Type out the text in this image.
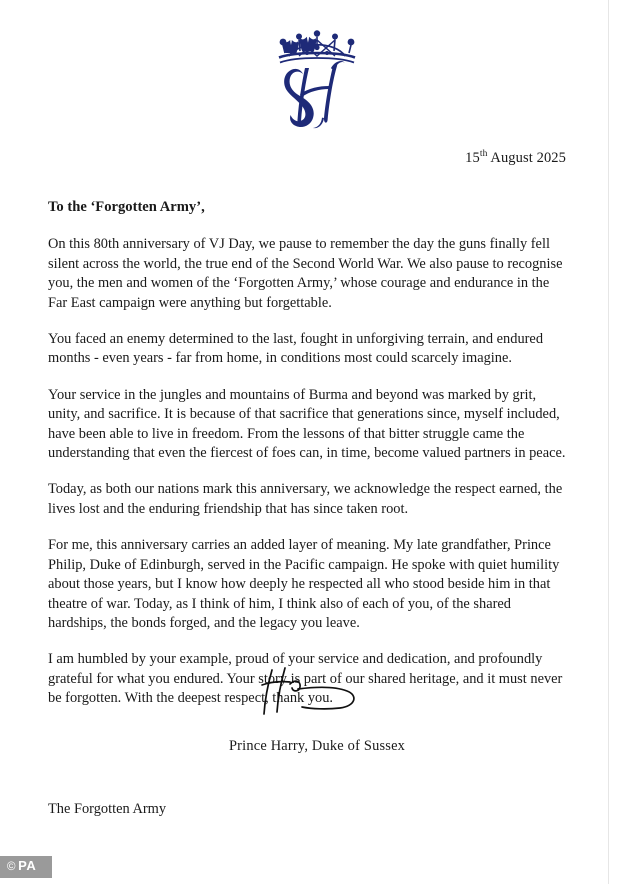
15th August 2025

To the ‘Forgotten Army’,

On this 80th anniversary of VJ Day, we pause to remember the day the guns finally fell silent across the world, the true end of the Second World War. We also pause to recognise you, the men and women of the ‘Forgotten Army,’ whose courage and endurance in the Far East campaign were anything but forgettable.

You faced an enemy determined to the last, fought in unforgiving terrain, and endured months - even years - far from home, in conditions most could scarcely imagine.

Your service in the jungles and mountains of Burma and beyond was marked by grit, unity, and sacrifice. It is because of that sacrifice that generations since, myself included, have been able to live in freedom. From the lessons of that bitter struggle came the understanding that even the fiercest of foes can, in time, become valued partners in peace.

Today, as both our nations mark this anniversary, we acknowledge the respect earned, the lives lost and the enduring friendship that has since taken root.

For me, this anniversary carries an added layer of meaning. My late grandfather, Prince Philip, Duke of Edinburgh, served in the Pacific campaign. He spoke with quiet humility about those years, but I know how deeply he respected all who stood beside him in that theatre of war. Today, as I think of him, I think also of each of you, of the shared hardships, the bonds forged, and the legacy you leave.

I am humbled by your example, proud of your service and dedication, and profoundly grateful for what you endured. Your story is part of our shared heritage, and it must never be forgotten. With the deepest respect, thank you.

Prince Harry, Duke of Sussex
The Forgotten Army
© PA
